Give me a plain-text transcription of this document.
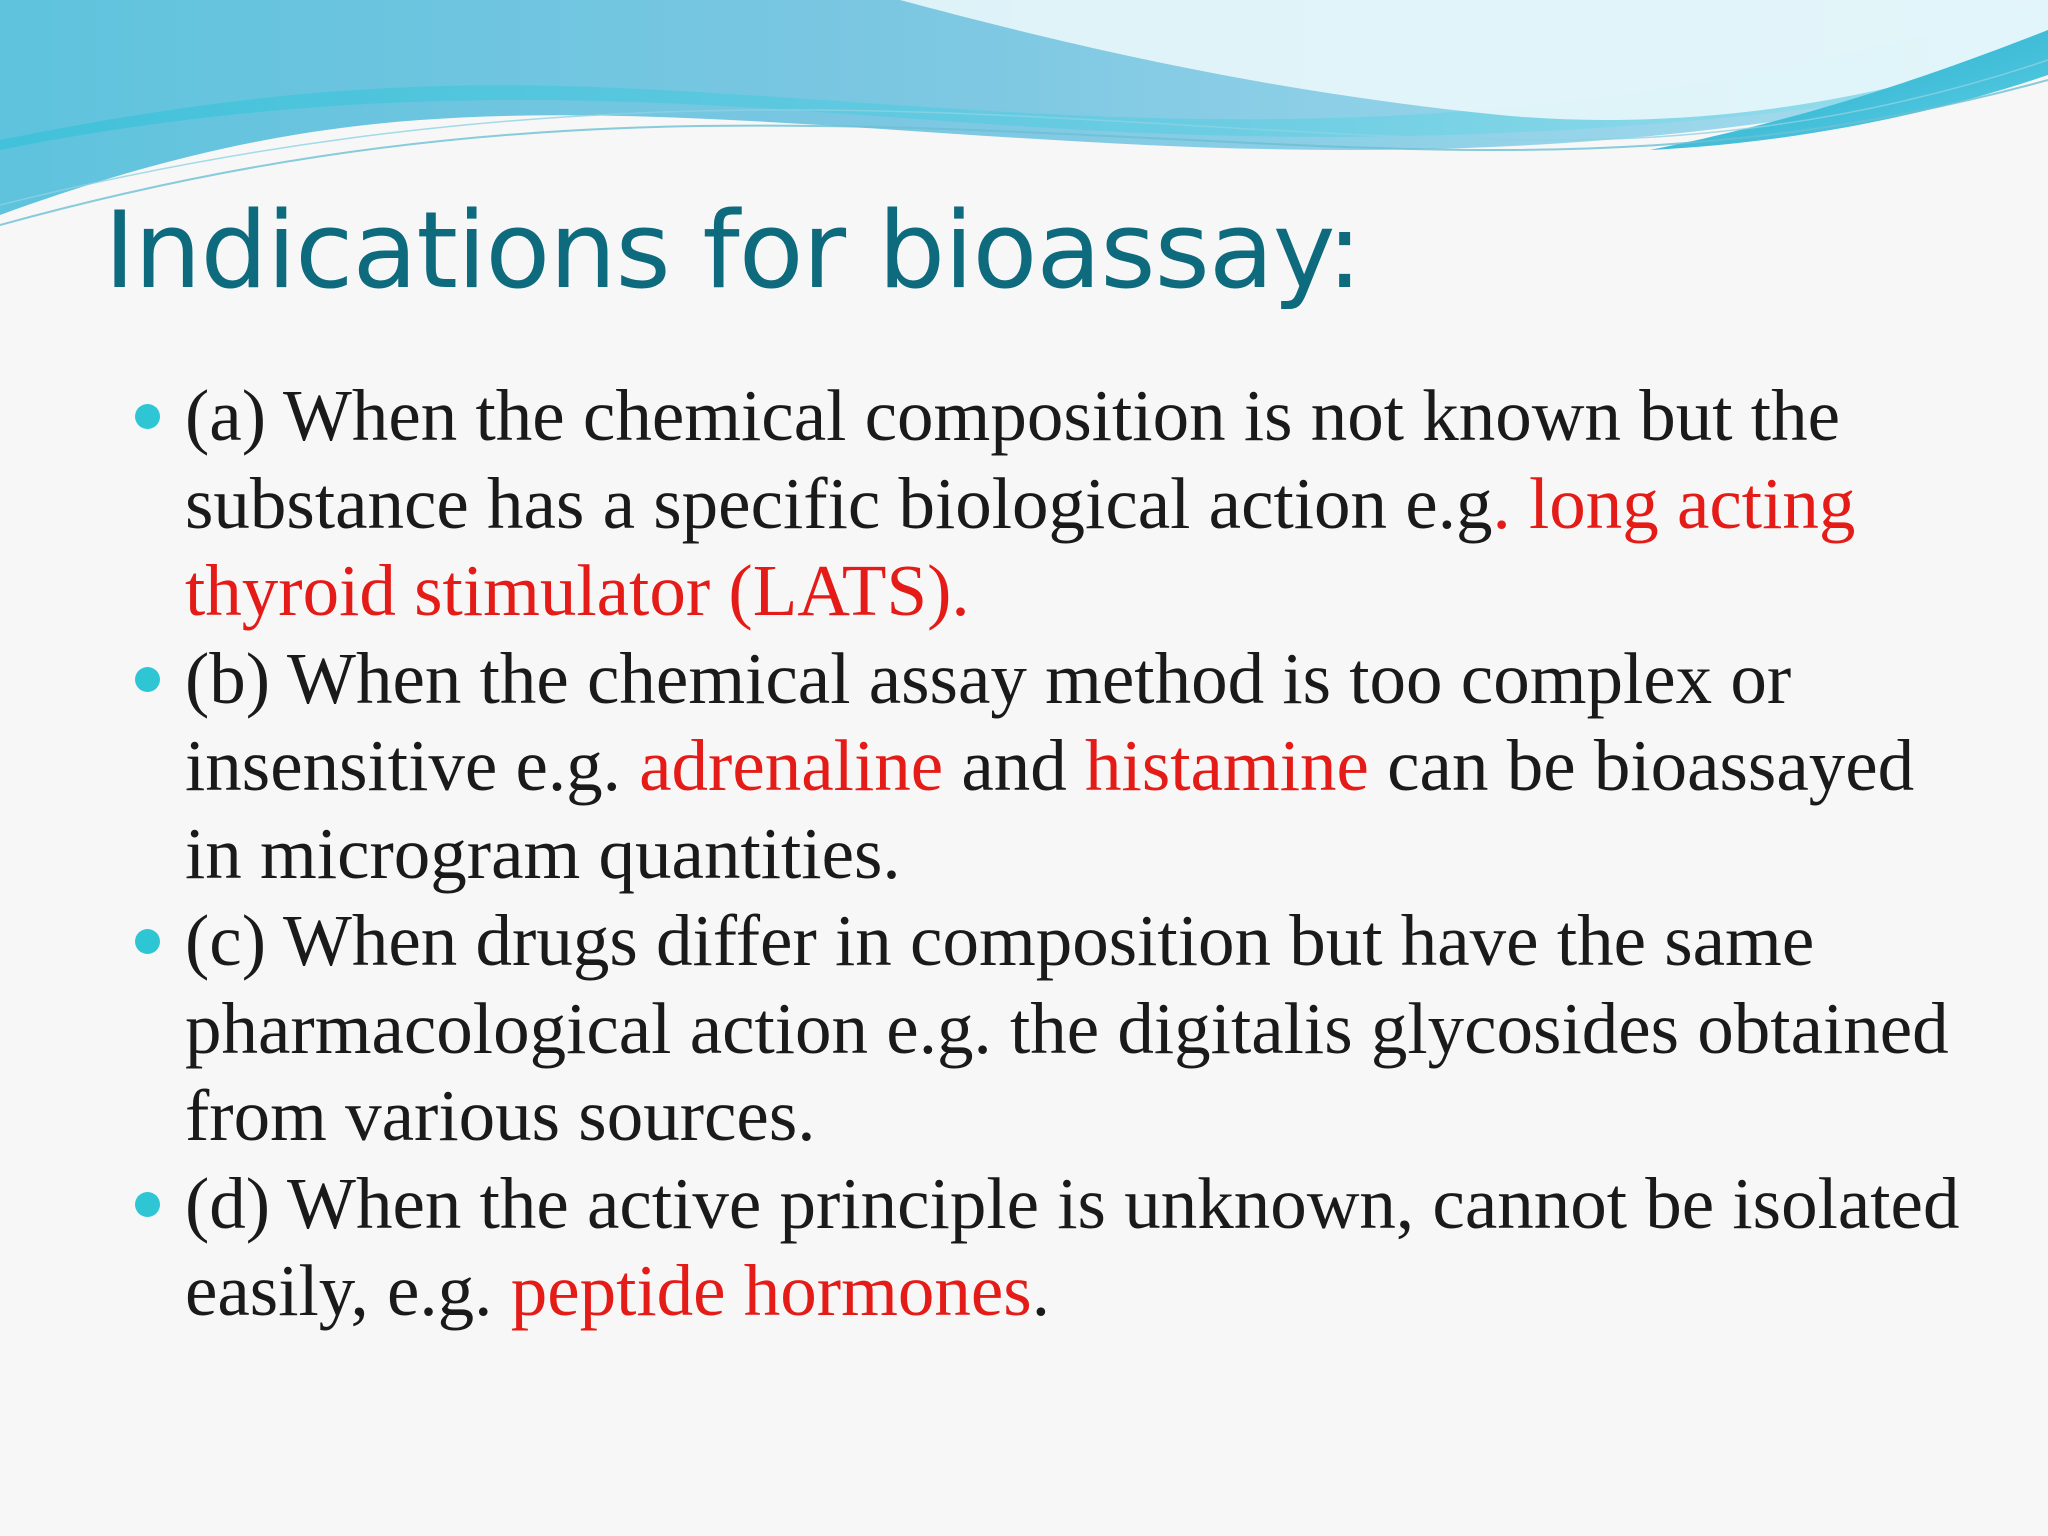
Indications for bioassay:
(a) When the chemical composition is not known but the substance has a specific biological action e.g. long acting thyroid stimulator (LATS).
(b) When the chemical assay method is too complex or insensitive e.g. adrenaline and histamine can be bioassayed in microgram quantities.
(c) When drugs differ in composition but have the same pharmacological action e.g. the digitalis glycosides obtained from various sources.
(d) When the active principle is unknown, cannot be isolated easily, e.g. peptide hormones.
